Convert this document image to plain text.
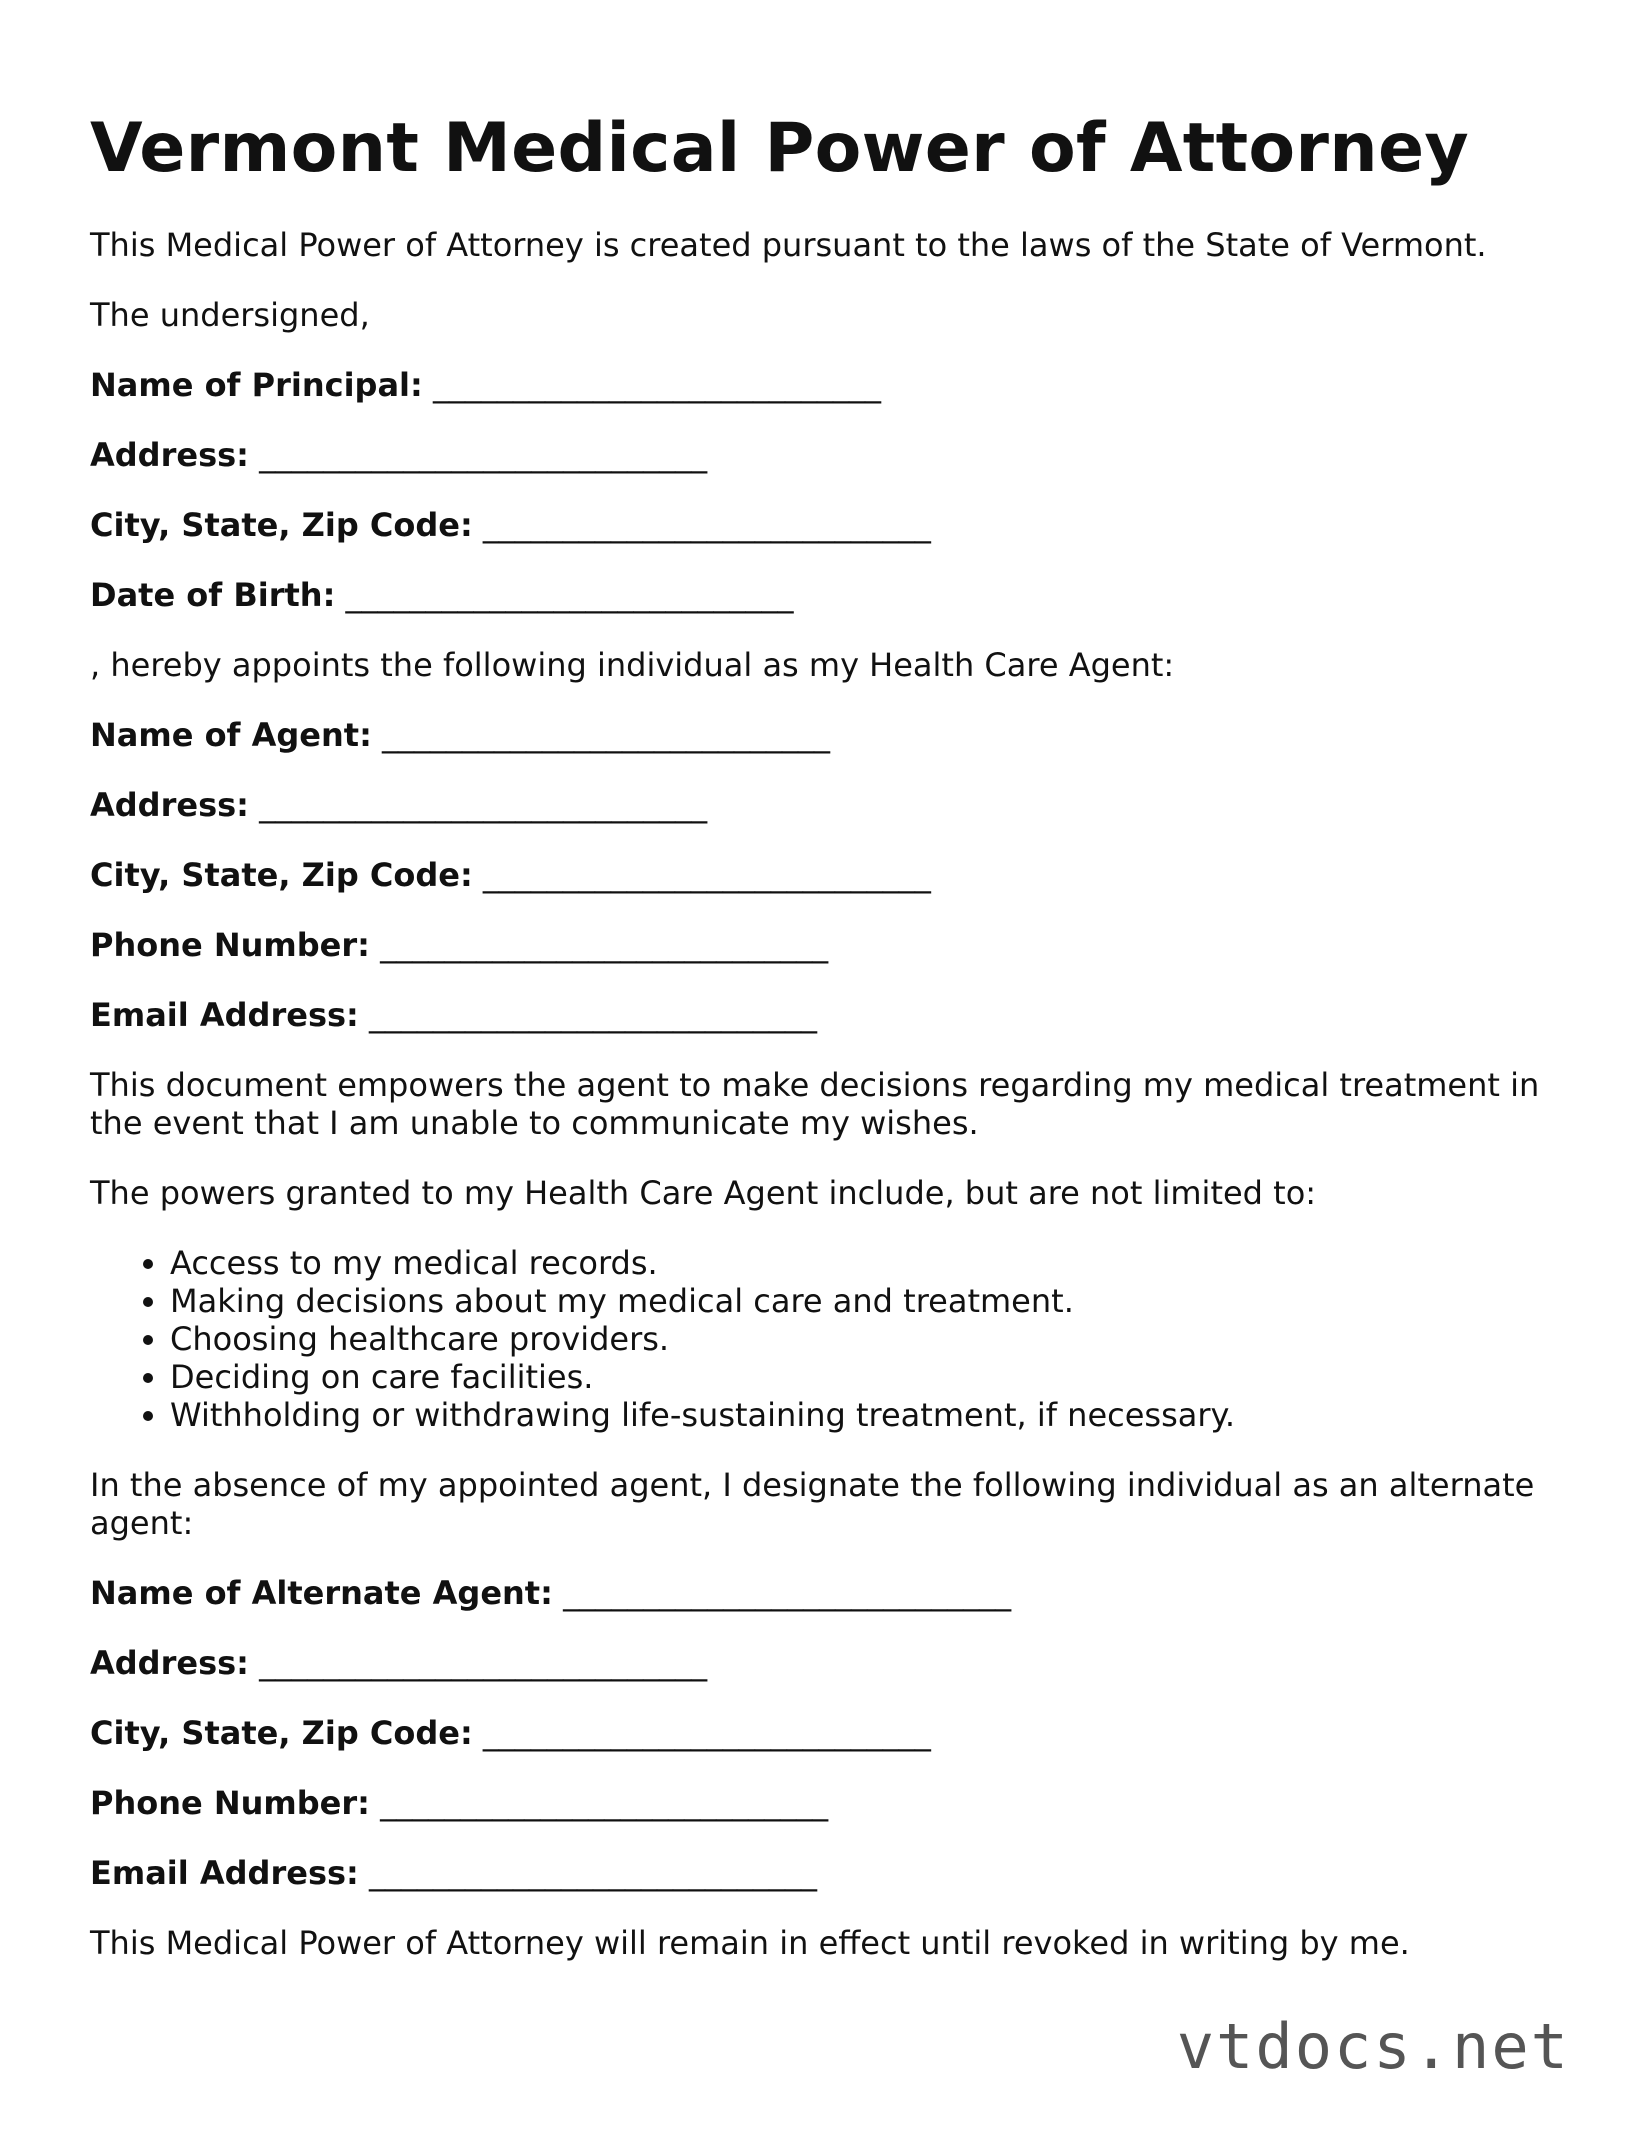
Vermont Medical Power of Attorney

This Medical Power of Attorney is created pursuant to the laws of the State of Vermont.

The undersigned,

Name of Principal: ____________________________
Address: ____________________________
City, State, Zip Code: ____________________________
Date of Birth: ____________________________

, hereby appoints the following individual as my Health Care Agent:

Name of Agent: ____________________________
Address: ____________________________
City, State, Zip Code: ____________________________
Phone Number: ____________________________
Email Address: ____________________________

This document empowers the agent to make decisions regarding my medical treatment in the event that I am unable to communicate my wishes.

The powers granted to my Health Care Agent include, but are not limited to:

• Access to my medical records.
• Making decisions about my medical care and treatment.
• Choosing healthcare providers.
• Deciding on care facilities.
• Withholding or withdrawing life-sustaining treatment, if necessary.

In the absence of my appointed agent, I designate the following individual as an alternate agent:

Name of Alternate Agent: ____________________________
Address: ____________________________
City, State, Zip Code: ____________________________
Phone Number: ____________________________
Email Address: ____________________________

This Medical Power of Attorney will remain in effect until revoked in writing by me.

vtdocs.net
